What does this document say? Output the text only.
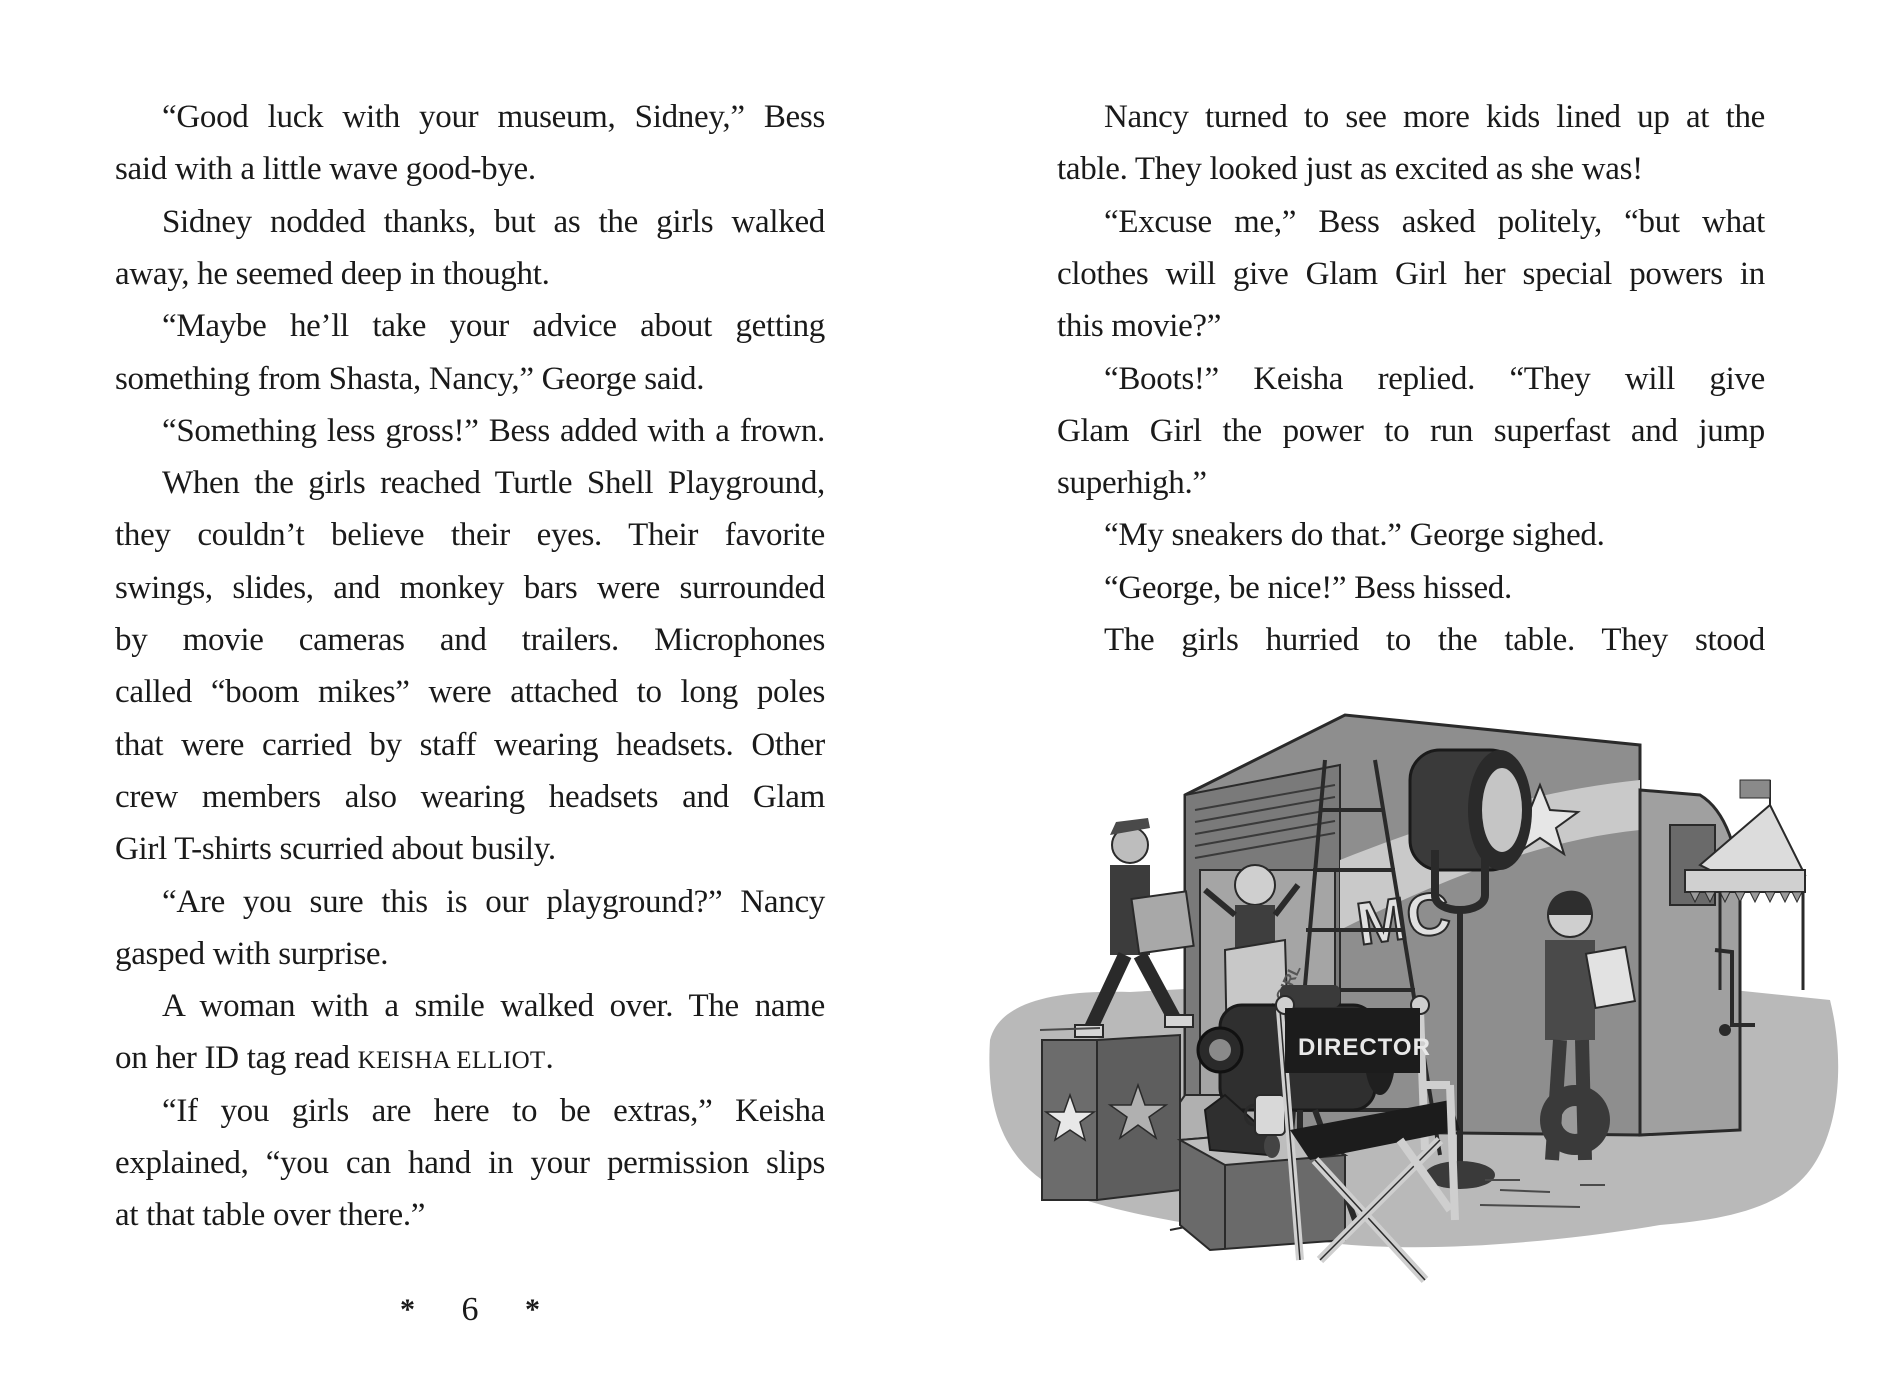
“Good luck with your museum, Sidney,” Bess
said with a little wave good-bye.
Sidney nodded thanks, but as the girls walked
away, he seemed deep in thought.
“Maybe he’ll take your advice about getting
something from Shasta, Nancy,” George said.
“Something less gross!” Bess added with a frown.
When the girls reached Turtle Shell Playground,
they couldn’t believe their eyes. Their favorite
swings, slides, and monkey bars were surrounded
by movie cameras and trailers. Microphones
called “boom mikes” were attached to long poles
that were carried by staff wearing headsets. Other
crew members also wearing headsets and Glam
Girl T-shirts scurried about busily.
“Are you sure this is our playground?” Nancy
gasped with surprise.
A woman with a smile walked over. The name
on her ID tag read KEISHA ELLIOT.
“If you girls are here to be extras,” Keisha
explained, “you can hand in your permission slips
at that table over there.”
* 6 *
Nancy turned to see more kids lined up at the
table. They looked just as excited as she was!
“Excuse me,” Bess asked politely, “but what
clothes will give Glam Girl her special powers in
this movie?”
“Boots!” Keisha replied. “They will give
Glam Girl the power to run superfast and jump
superhigh.”
“My sneakers do that.” George sighed.
“George, be nice!” Bess hissed.
The girls hurried to the table. They stood
MC
GIRL
DIRECTOR
